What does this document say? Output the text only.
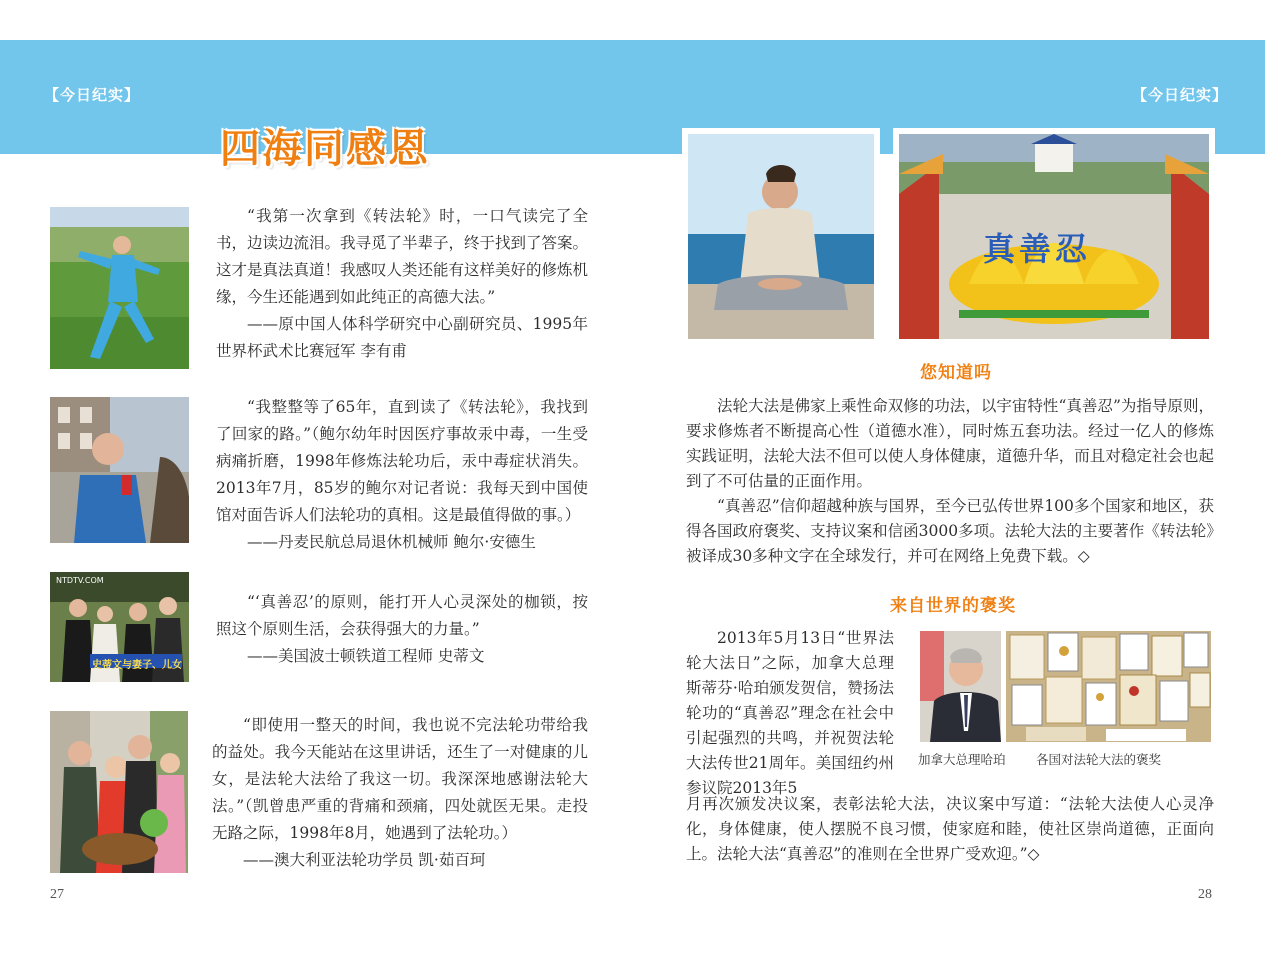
【今日纪实】	【今日纪实】
四海同感恩

“我第一次拿到《转法轮》时，一口气读完了全书，边读边流泪。我寻觅了半辈子，终于找到了答案。这才是真法真道！我感叹人类还能有这样美好的修炼机缘，今生还能遇到如此纯正的高德大法。”

——原中国人体科学研究中心副研究员、1995年世界杯武术比赛冠军 李有甫

“我整整等了65年，直到读了《转法轮》，我找到了回家的路。”（鲍尔幼年时因医疗事故汞中毒，一生受病痛折磨，1998年修炼法轮功后，汞中毒症状消失。2013年7月，85岁的鲍尔对记者说：我每天到中国使馆对面告诉人们法轮功的真相。这是最值得做的事。）

——丹麦民航总局退休机械师 鲍尔·安德生

NTDTV.COM
史蒂文与妻子、儿女

“‘真善忍’的原则，能打开人心灵深处的枷锁，按照这个原则生活，会获得强大的力量。”

——美国波士顿铁道工程师 史蒂文

“即使用一整天的时间，我也说不完法轮功带给我的益处。我今天能站在这里讲话，还生了一对健康的儿女，是法轮大法给了我这一切。我深深地感谢法轮大法。”（凯曾患严重的背痛和颈痛，四处就医无果。走投无路之际，1998年8月，她遇到了法轮功。）

——澳大利亚法轮功学员 凯·茹百珂

27
真善忍
您知道吗

法轮大法是佛家上乘性命双修的功法，以宇宙特性“真善忍”为指导原则，要求修炼者不断提高心性（道德水准），同时炼五套功法。经过一亿人的修炼实践证明，法轮大法不但可以使人身体健康，道德升华，而且对稳定社会也起到了不可估量的正面作用。

“真善忍”信仰超越种族与国界，至今已弘传世界100多个国家和地区，获得各国政府褒奖、支持议案和信函3000多项。法轮大法的主要著作《转法轮》被译成30多种文字在全球发行，并可在网络上免费下载。◇

来自世界的褒奖

2013年5月13日“世界法轮大法日”之际，加拿大总理斯蒂芬·哈珀颁发贺信，赞扬法轮功的“真善忍”理念在社会中引起强烈的共鸣，并祝贺法轮大法传世21周年。美国纽约州参议院2013年5

加拿大总理哈珀 各国对法轮大法的褒奖

月再次颁发决议案，表彰法轮大法，决议案中写道：“法轮大法使人心灵净化，身体健康，使人摆脱不良习惯，使家庭和睦，使社区崇尚道德，正面向上。法轮大法“真善忍”的准则在全世界广受欢迎。”◇

28
